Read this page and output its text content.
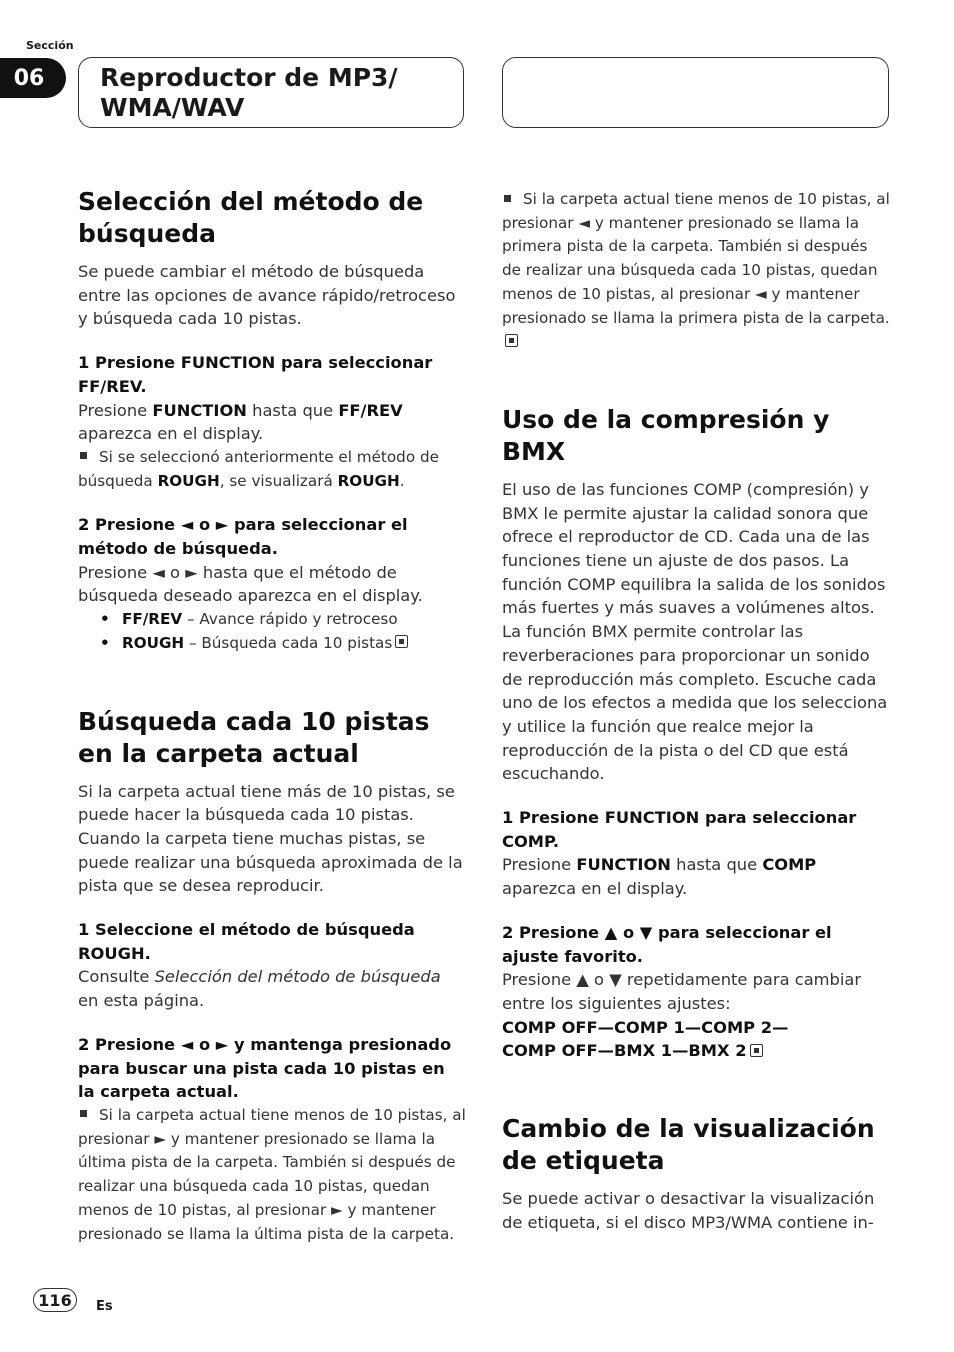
Sección
06	Reproductor de MP3/ WMA/WAV
Selección del método de búsqueda

Se puede cambiar el método de búsqueda entre las opciones de avance rápido/retroceso y búsqueda cada 10 pistas.

1 Presione FUNCTION para seleccionar FF/REV.

Presione FUNCTION hasta que FF/REV aparezca en el display.

Si se seleccionó anteriormente el método de búsqueda ROUGH, se visualizará ROUGH.

2 Presione ◄ o ► para seleccionar el método de búsqueda.

Presione ◄ o ► hasta que el método de búsqueda deseado aparezca en el display.

• FF/REV – Avance rápido y retroceso
• ROUGH – Búsqueda cada 10 pistas
Búsqueda cada 10 pistas en la carpeta actual

Si la carpeta actual tiene más de 10 pistas, se puede hacer la búsqueda cada 10 pistas. Cuando la carpeta tiene muchas pistas, se puede realizar una búsqueda aproximada de la pista que se desea reproducir.

1 Seleccione el método de búsqueda ROUGH.

Consulte Selección del método de búsqueda en esta página.

2 Presione ◄ o ► y mantenga presionado para buscar una pista cada 10 pistas en la carpeta actual.

Si la carpeta actual tiene menos de 10 pistas, al presionar ► y mantener presionado se llama la última pista de la carpeta. También si después de realizar una búsqueda cada 10 pistas, quedan menos de 10 pistas, al presionar ► y mantener presionado se llama la última pista de la carpeta.

Si la carpeta actual tiene menos de 10 pistas, al presionar ◄ y mantener presionado se llama la primera pista de la carpeta. También si después de realizar una búsqueda cada 10 pistas, quedan menos de 10 pistas, al presionar ◄ y mantener presionado se llama la primera pista de la carpeta.

Uso de la compresión y BMX

El uso de las funciones COMP (compresión) y BMX le permite ajustar la calidad sonora que ofrece el reproductor de CD. Cada una de las funciones tiene un ajuste de dos pasos. La función COMP equilibra la salida de los sonidos más fuertes y más suaves a volúmenes altos. La función BMX permite controlar las reverberaciones para proporcionar un sonido de reproducción más completo. Escuche cada uno de los efectos a medida que los selecciona y utilice la función que realce mejor la reproducción de la pista o del CD que está escuchando.

1 Presione FUNCTION para seleccionar COMP.

Presione FUNCTION hasta que COMP aparezca en el display.

2 Presione ▲ o ▼ para seleccionar el ajuste favorito.

Presione ▲ o ▼ repetidamente para cambiar entre los siguientes ajustes:

COMP OFF—COMP 1—COMP 2—

COMP OFF—BMX 1—BMX 2

Cambio de la visualización de etiqueta

Se puede activar o desactivar la visualización de etiqueta, si el disco MP3/WMA contiene in-

116	Es
